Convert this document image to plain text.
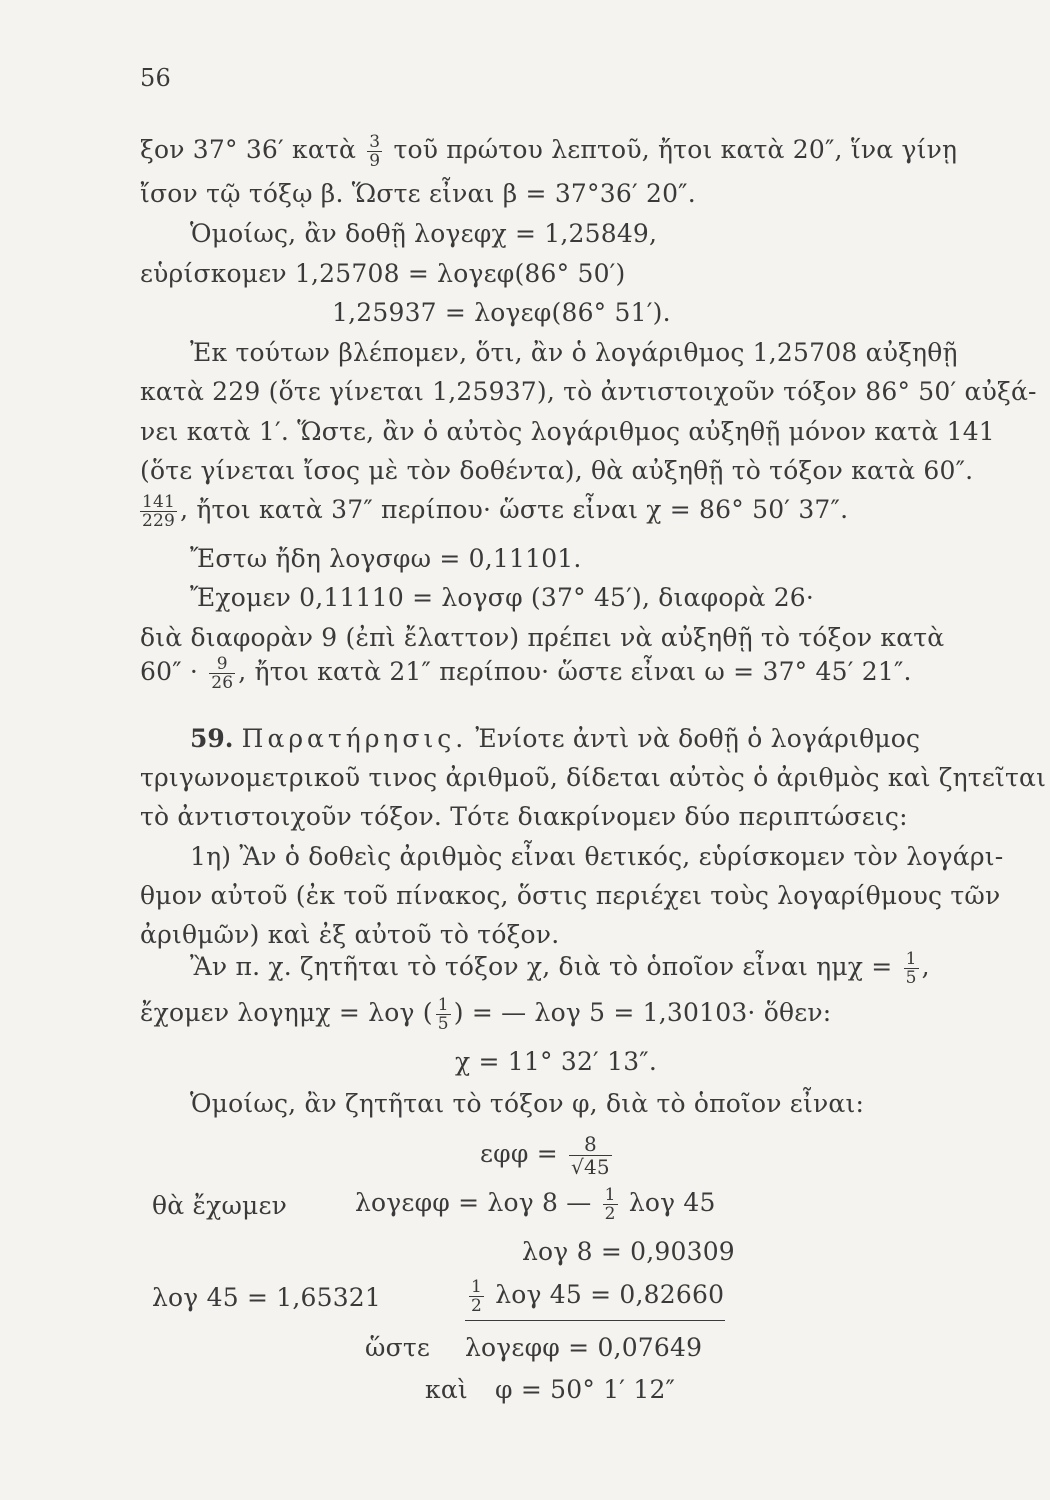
56
ξον 37° 36′ κατὰ $\frac{3}{9}$ τοῦ πρώτου λεπτοῦ, ἤτοι κατὰ 20″, ἵνα γίνῃ
ἴσον τῷ τόξῳ β. Ὥστε εἶναι β = 37°36′ 20″.
Ὁμοίως, ἂν δοθῇ λογεφχ = 1,25849,
εὑρίσκομεν 1,25708 = λογεφ(86° 50′)
1,25937 = λογεφ(86° 51′).
Ἐκ τούτων βλέπομεν, ὅτι, ἂν ὁ λογάριθμος 1,25708 αὐξηθῇ
κατὰ 229 (ὅτε γίνεται 1,25937), τὸ ἀντιστοιχοῦν τόξον 86° 50′ αὐξά-
νει κατὰ 1′. Ὥστε, ἂν ὁ αὐτὸς λογάριθμος αὐξηθῇ μόνον κατὰ 141
(ὅτε γίνεται ἴσος μὲ τὸν δοθέντα), θὰ αὐξηθῇ τὸ τόξον κατὰ 60″.
$\frac{141}{229}$ , ἤτοι κατὰ 37″ περίπου· ὥστε εἶναι χ = 86° 50′ 37″.
Ἔστω ἤδη λογσφω = 0,11101.
Ἔχομεν 0,11110 = λογσφ (37° 45′), διαφορὰ 26·
διὰ διαφορὰν 9 (ἐπὶ ἔλαττον) πρέπει νὰ αὐξηθῇ τὸ τόξον κατὰ
$60'' \cdot \frac{9}{26}$ , ἤτοι κατὰ 21″ περίπου· ὥστε εἶναι ω = 37° 45′ 21″.
59. Παρατήρησις. Ἐνίοτε ἀντὶ νὰ δοθῇ ὁ λογάριθμος
τριγωνομετρικοῦ τινος ἀριθμοῦ, δίδεται αὐτὸς ὁ ἀριθμὸς καὶ ζητεῖται
τὸ ἀντιστοιχοῦν τόξον. Τότε διακρίνομεν δύο περιπτώσεις:
1η) Ἂν ὁ δοθεὶς ἀριθμὸς εἶναι θετικός, εὑρίσκομεν τὸν λογάρι-
θμον αὐτοῦ (ἐκ τοῦ πίνακος, ὅστις περιέχει τοὺς λογαρίθμους τῶν
ἀριθμῶν) καὶ ἐξ αὐτοῦ τὸ τόξον.
Ἂν π. χ. ζητῆται τὸ τόξον χ, διὰ τὸ ὁποῖον εἶναι $\eta\mu\chi = \frac{1}{5}$ ,
ἔχομεν λογημχ = λογ ( $\frac{1}{5}$ ) = — λογ 5 = 1,30103· ὅθεν:
χ = 11° 32′ 13″.
Ὁμοίως, ἂν ζητῆται τὸ τόξον φ, διὰ τὸ ὁποῖον εἶναι:
$\varepsilon\varphi\varphi = \frac{8}{√45}$
θὰ ἔχωμεν	λογεφφ = λογ 8 — $\frac{1}{2}$ λογ 45
λογ 8 = 0,90309
λογ 45 = 1,65321	$\frac{1}{2}$ λογ 45 = 0,82660
ὥστε λογεφφ = 0,07649
καὶ φ = 50° 1′ 12″
